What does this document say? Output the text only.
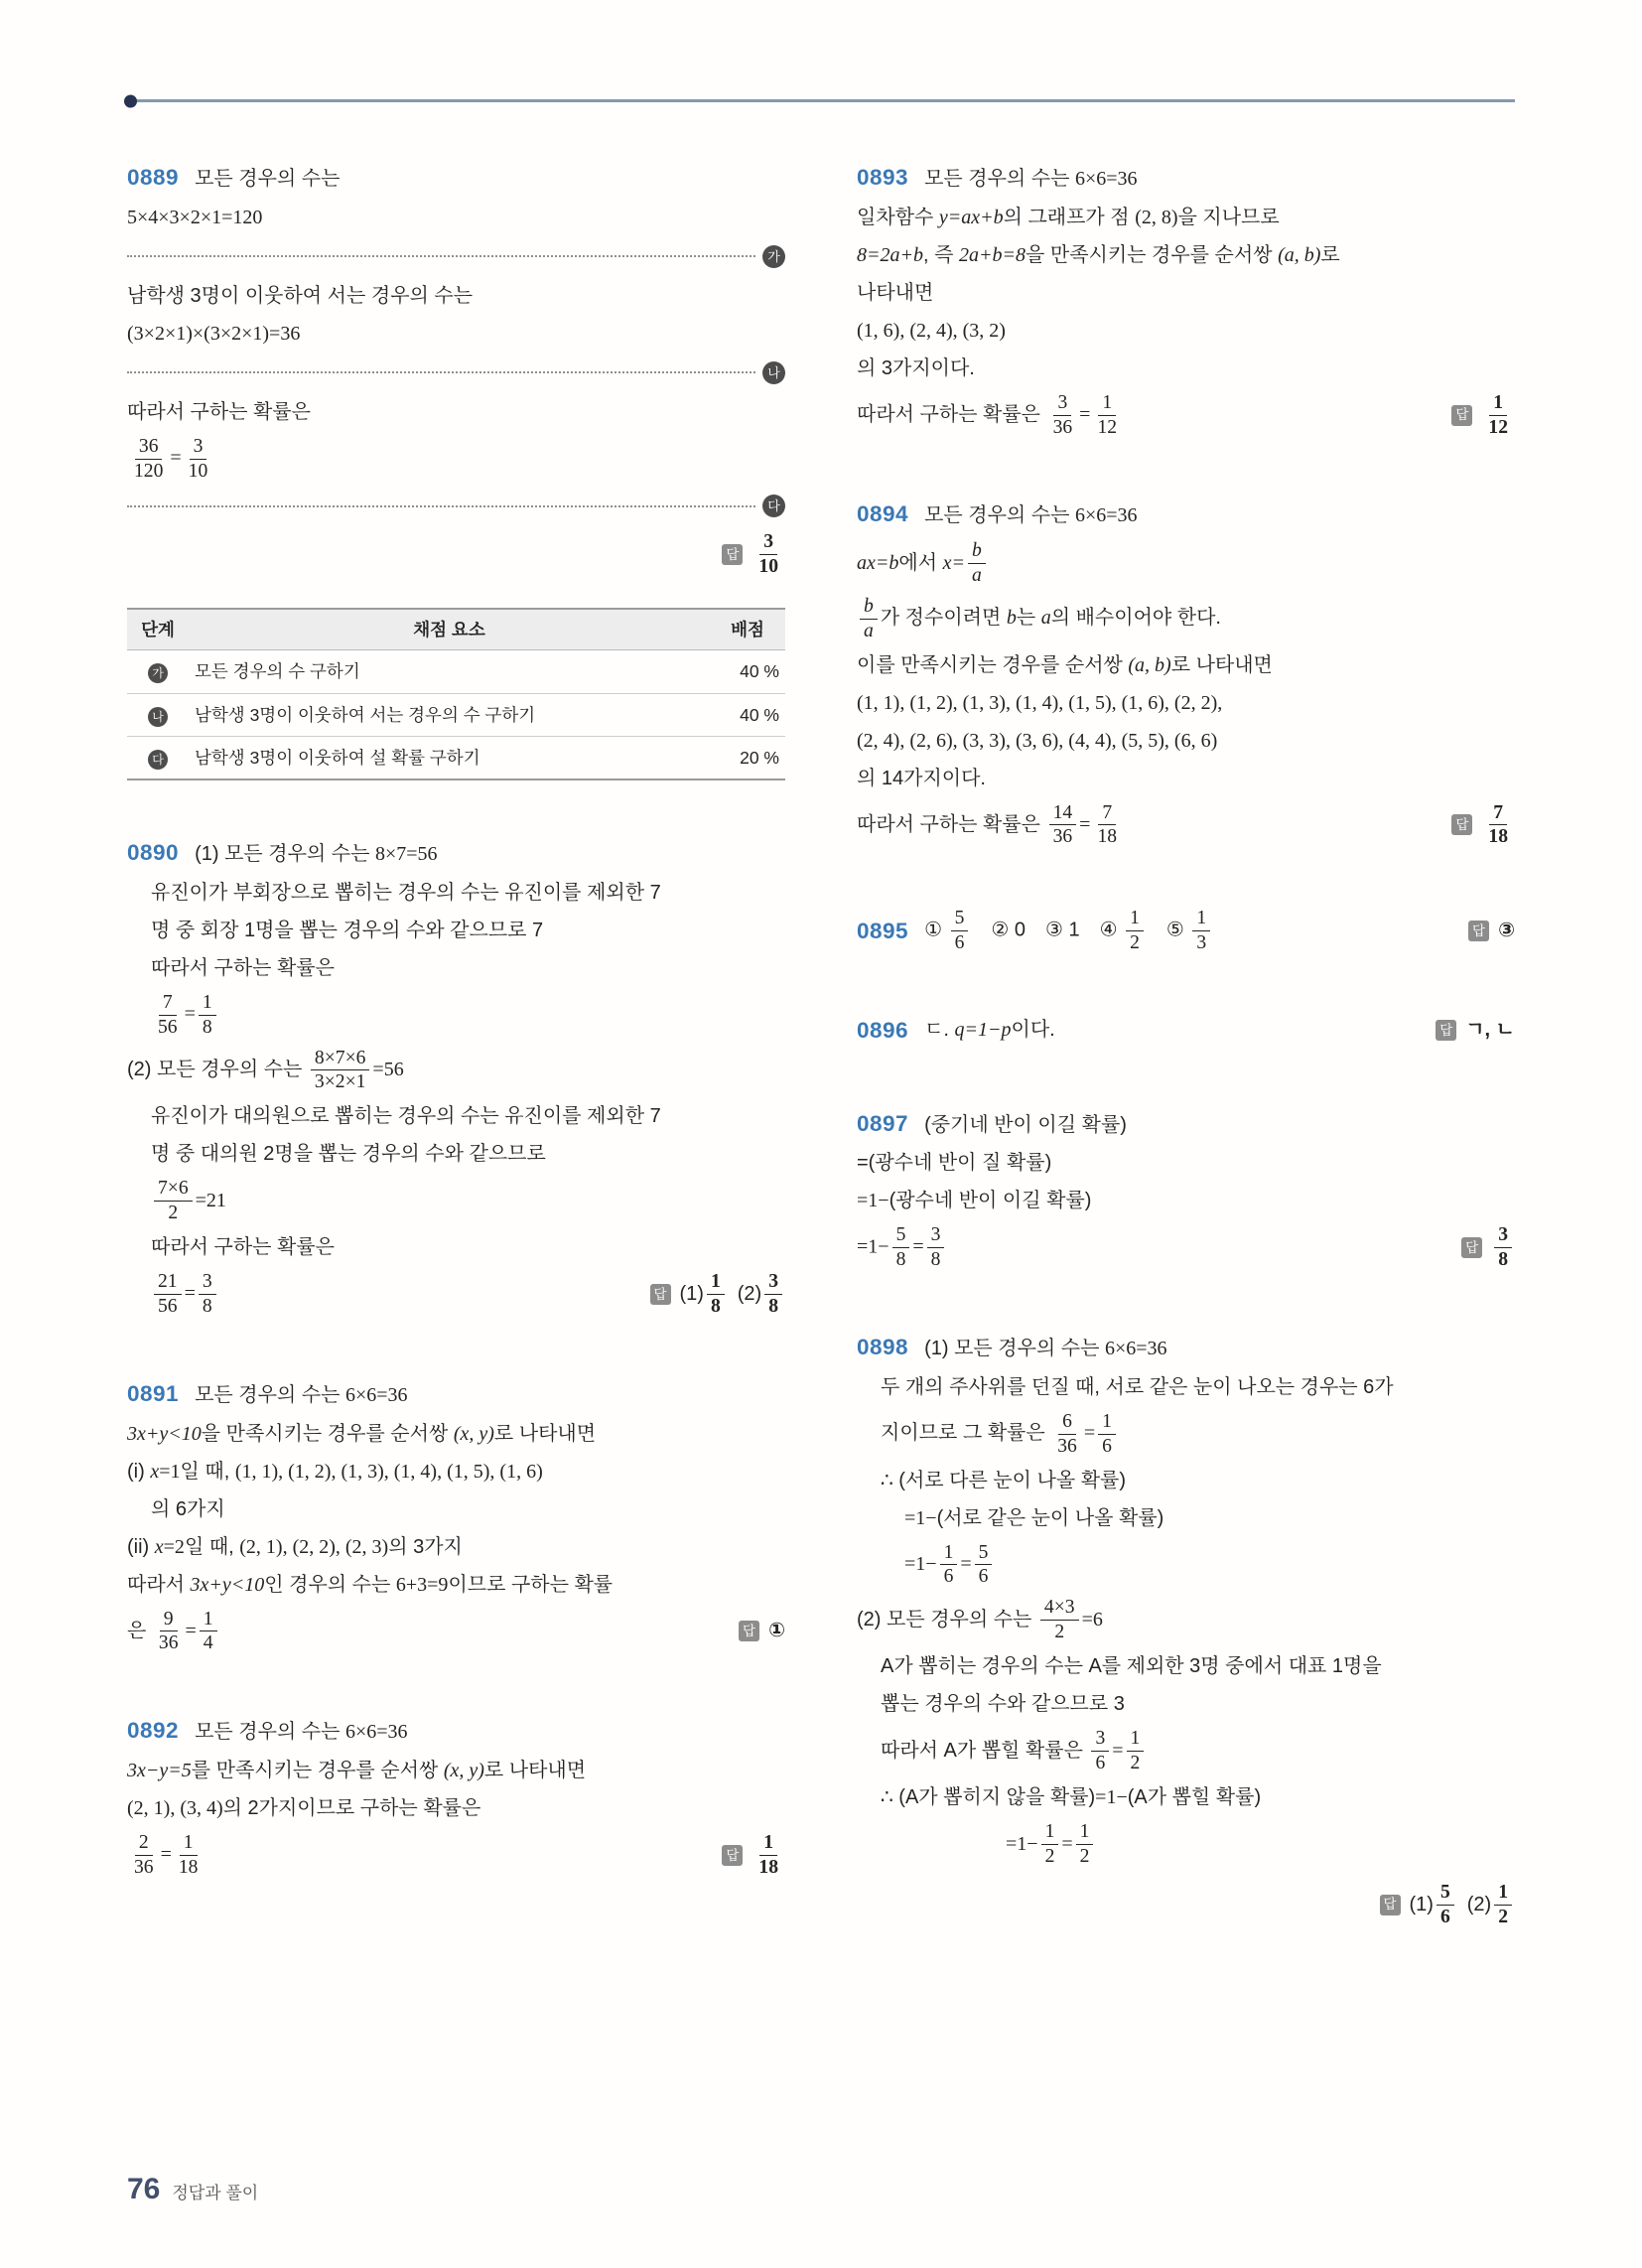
0889 모든 경우의 수는
5×4×3×2×1=120
가
남학생 3명이 이웃하여 서는 경우의 수는
(3×2×1)×(3×2×1)=36
나
따라서 구하는 확률은
$\frac{36}{120} = \frac{3}{10}$
다
답 $\frac{3}{10}$
단계	채점 요소	배점
가	모든 경우의 수 구하기	40 %
나	남학생 3명이 이웃하여 서는 경우의 수 구하기	40 %
다	남학생 3명이 이웃하여 설 확률 구하기	20 %
0890 (1) 모든 경우의 수는 8×7=56
유진이가 부회장으로 뽑히는 경우의 수는 유진이를 제외한 7
명 중 회장 1명을 뽑는 경우의 수와 같으므로 7
따라서 구하는 확률은
$\frac{7}{56} = \frac{1}{8}$
(2) 모든 경우의 수는 $\frac{8\times 7\times 6}{3\times 2\times 1} =56$
유진이가 대의원으로 뽑히는 경우의 수는 유진이를 제외한 7
명 중 대의원 2명을 뽑는 경우의 수와 같으므로
$\frac{7\times 6}{2} =21$
따라서 구하는 확률은
$\frac{21}{56} = \frac{3}{8}$	답 $(1) \frac{1}{8}$  $(2) \frac{3}{8}$
0891 모든 경우의 수는 6×6=36
3x+y<10을 만족시키는 경우를 순서쌍 (x, y)로 나타내면
(i) x=1일 때, (1, 1), (1, 2), (1, 3), (1, 4), (1, 5), (1, 6)
의 6가지
(ii) x=2일 때, (2, 1), (2, 2), (2, 3)의 3가지
따라서 3x+y<10인 경우의 수는 6+3=9이므로 구하는 확률
은 $\frac{9}{36} = \frac{1}{4}$	답 ①
0892 모든 경우의 수는 6×6=36
3x−y=5를 만족시키는 경우를 순서쌍 (x, y)로 나타내면
(2, 1), (3, 4)의 2가지이므로 구하는 확률은
$\frac{2}{36} = \frac{1}{18}$	답 $\frac{1}{18}$
0893 모든 경우의 수는 6×6=36
일차함수 y=ax+b의 그래프가 점 (2, 8)을 지나므로
8=2a+b, 즉 2a+b=8을 만족시키는 경우를 순서쌍 (a, b)로
나타내면
(1, 6), (2, 4), (3, 2)
의 3가지이다.
따라서 구하는 확률은 $\frac{3}{36} = \frac{1}{12}$	답 $\frac{1}{12}$
0894 모든 경우의 수는 6×6=36
ax=b에서 $x= \frac{b}{a}$
$\frac{b}{a}$ 가 정수이려면 b는 a의 배수이어야 한다.
이를 만족시키는 경우를 순서쌍 (a, b)로 나타내면
(1, 1), (1, 2), (1, 3), (1, 4), (1, 5), (1, 6), (2, 2),
(2, 4), (2, 6), (3, 3), (3, 6), (4, 4), (5, 5), (6, 6)
의 14가지이다.
따라서 구하는 확률은 $\frac{14}{36} = \frac{7}{18}$	답 $\frac{7}{18}$
0895 ① $\frac{5}{6}$  ② 0 ③ 1 ④ $\frac{1}{2}$  ⑤ $\frac{1}{3}$	답 ③
0896 ㄷ. q=1−p이다.	답 ㄱ, ㄴ
0897 (중기네 반이 이길 확률)
=(광수네 반이 질 확률)
=1−(광수네 반이 이길 확률)
$=1- \frac{5}{8} = \frac{3}{8}$	답 $\frac{3}{8}$
0898 (1) 모든 경우의 수는 6×6=36
두 개의 주사위를 던질 때, 서로 같은 눈이 나오는 경우는 6가
지이므로 그 확률은 $\frac{6}{36} = \frac{1}{6}$
∴ (서로 다른 눈이 나올 확률)
=1−(서로 같은 눈이 나올 확률)
$=1- \frac{1}{6} = \frac{5}{6}$
(2) 모든 경우의 수는 $\frac{4\times 3}{2} =6$
A가 뽑히는 경우의 수는 A를 제외한 3명 중에서 대표 1명을
뽑는 경우의 수와 같으므로 3
따라서 A가 뽑힐 확률은 $\frac{3}{6} = \frac{1}{2}$
∴ (A가 뽑히지 않을 확률)=1−(A가 뽑힐 확률)
$=1- \frac{1}{2} = \frac{1}{2}$
답 $(1) \frac{5}{6}$  $(2) \frac{1}{2}$
76 정답과 풀이
